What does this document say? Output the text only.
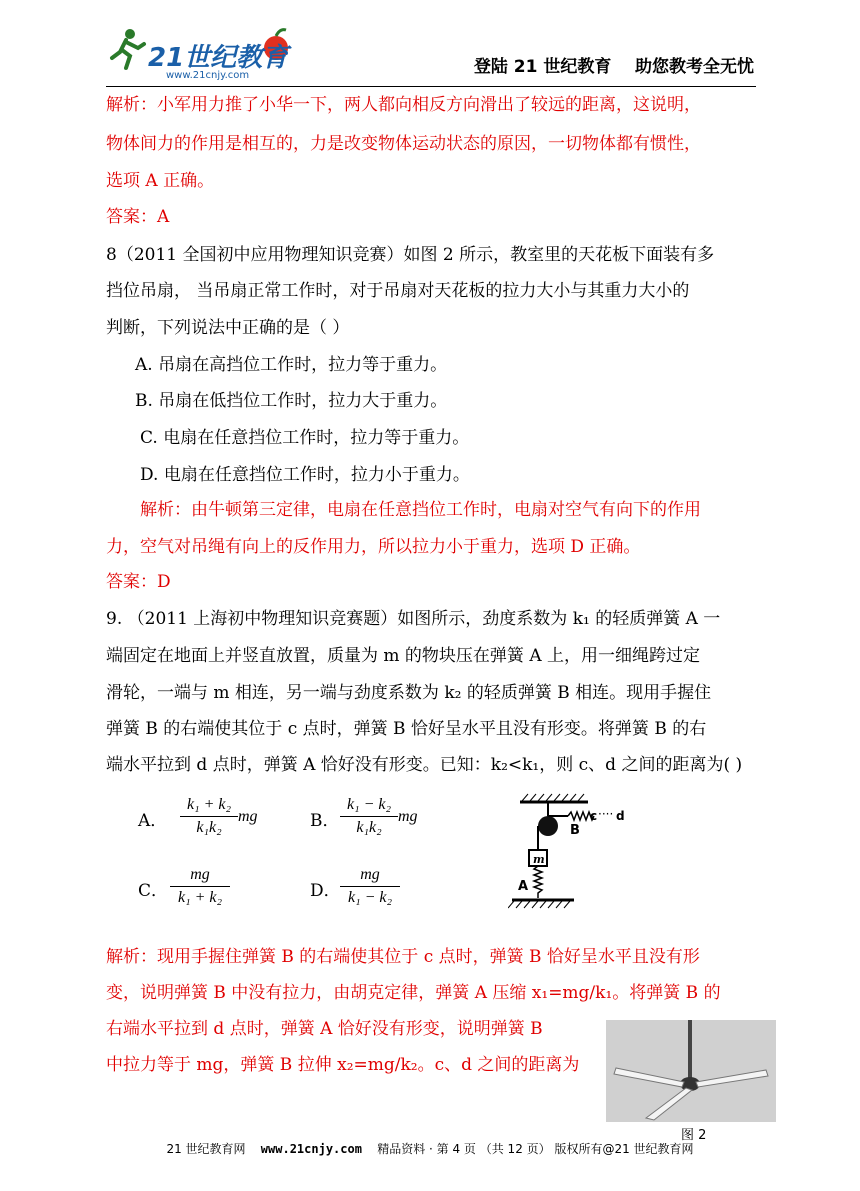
21世纪教育
www.21cnjy.com	登陆 21 世纪教育    助您教考全无忧
解析：小军用力推了小华一下，两人都向相反方向滑出了较远的距离，这说明，
物体间力的作用是相互的，力是改变物体运动状态的原因，一切物体都有惯性，
选项 A 正确。
答案：A
8（2011 全国初中应用物理知识竞赛）如图 2 所示，教室里的天花板下面装有多
挡位吊扇， 当吊扇正常工作时，对于吊扇对天花板的拉力大小与其重力大小的
判断，下列说法中正确的是（ ）
A. 吊扇在高挡位工作时，拉力等于重力。
B. 吊扇在低挡位工作时，拉力大于重力。
C. 电扇在任意挡位工作时，拉力等于重力。
D. 电扇在任意挡位工作时，拉力小于重力。
解析：由牛顿第三定律，电扇在任意挡位工作时，电扇对空气有向下的作用
力，空气对吊绳有向上的反作用力，所以拉力小于重力，选项 D 正确。
答案：D
9. （2011 上海初中物理知识竞赛题）如图所示，劲度系数为 k₁ 的轻质弹簧 A 一
端固定在地面上并竖直放置，质量为 m 的物块压在弹簧 A 上，用一细绳跨过定
滑轮，一端与 m 相连，另一端与劲度系数为 k₂ 的轻质弹簧 B 相连。现用手握住
弹簧 B 的右端使其位于 c 点时，弹簧 B 恰好呈水平且没有形变。将弹簧 B 的右
端水平拉到 d 点时，弹簧 A 恰好没有形变。已知：k₂<k₁，则 c、d 之间的距离为( )
A． $\frac{\text{k₁ + k₂}}{\text{k₁k₂}}$ mg	B． $\frac{\text{k₁ − k₂}}{\text{k₁k₂}}$ mg
C． $\frac{mg}{\text{k₁ + k₂}}$	D． $\frac{mg}{\text{k₁ − k₂}}$
c ···· d
B
m
A
解析：现用手握住弹簧 B 的右端使其位于 c 点时，弹簧 B 恰好呈水平且没有形
变，说明弹簧 B 中没有拉力，由胡克定律，弹簧 A 压缩 x₁=mg/k₁。将弹簧 B 的
右端水平拉到 d 点时，弹簧 A 恰好没有形变，说明弹簧 B
中拉力等于 mg，弹簧 B 拉伸 x₂=mg/k₂。c、d 之间的距离为
图 2
21 世纪教育网 www.21cnjy.com 精品资料 · 第 4 页 （共 12 页） 版权所有@21 世纪教育网
